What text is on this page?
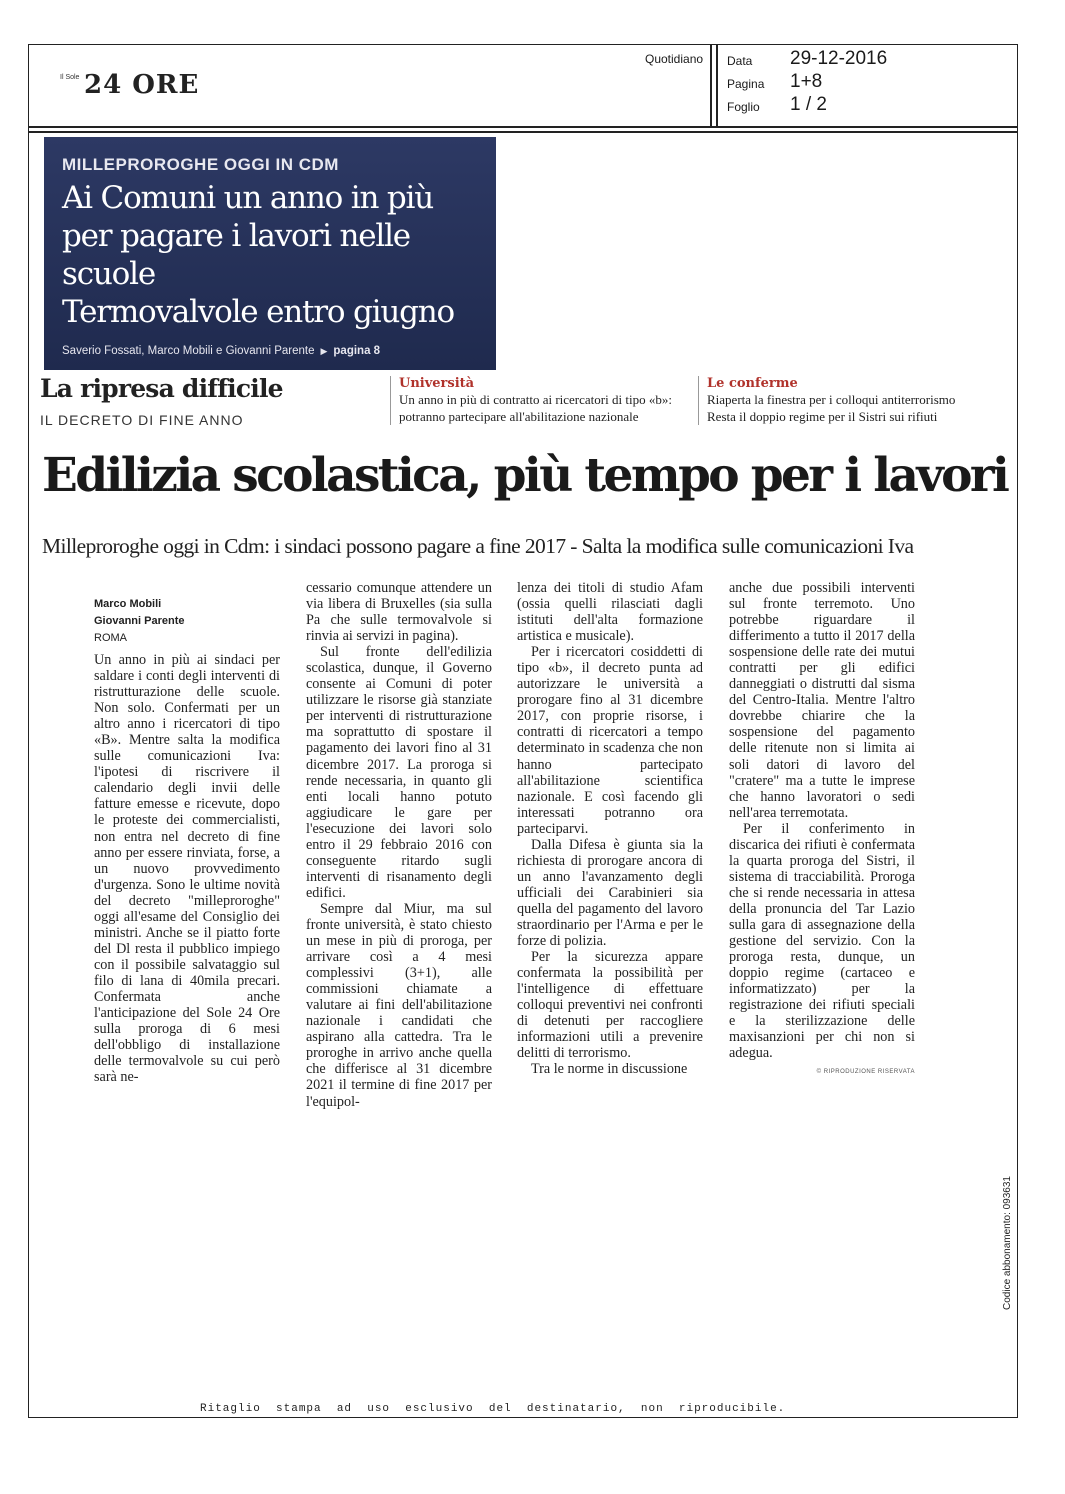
Il Sole 24 ORE
Quotidiano Data 29-12-2016
Pagina 1+8
Foglio 1 / 2
MILLEPROROGHE OGGI IN CDM
Ai Comuni un anno in più
per pagare i lavori nelle scuole
Termovalvole entro giugno
Saverio Fossati, Marco Mobili e Giovanni Parente ▶ pagina 8
La ripresa difficile
IL DECRETO DI FINE ANNO
Università
Un anno in più di contratto ai ricercatori di tipo «b»:
potranno partecipare all'abilitazione nazionale
Le conferme
Riaperta la finestra per i colloqui antiterrorismo
Resta il doppio regime per il Sistri sui rifiuti
Edilizia scolastica, più tempo per i lavori
Milleproroghe oggi in Cdm: i sindaci possono pagare a fine 2017 - Salta la modifica sulle comunicazioni Iva
Marco Mobili
Giovanni Parente
ROMA

Un anno in più ai sindaci per saldare i conti degli interventi di ristrutturazione delle scuole. Non solo. Confermati per un altro anno i ricercatori di tipo «B». Mentre salta la modifica sulle comunicazioni Iva: l'ipotesi di riscrivere il calendario degli invii delle fatture emesse e ricevute, dopo le proteste dei commercialisti, non entra nel decreto di fine anno per essere rinviata, forse, a un nuovo provvedimento d'urgenza. Sono le ultime novità del decreto "milleproroghe" oggi all'esame del Consiglio dei ministri. Anche se il piatto forte del Dl resta il pubblico impiego con il possibile salvataggio sul filo di lana di 40mila precari. Confermata anche l'anticipazione del Sole 24 Ore sulla proroga di 6 mesi dell'obbligo di installazione delle termovalvole su cui però sarà ne-

cessario comunque attendere un via libera di Bruxelles (sia sulla Pa che sulle termovalvole si rinvia ai servizi in pagina).

Sul fronte dell'edilizia scolastica, dunque, il Governo consente ai Comuni di poter utilizzare le risorse già stanziate per interventi di ristrutturazione ma soprattutto di spostare il pagamento dei lavori fino al 31 dicembre 2017. La proroga si rende necessaria, in quanto gli enti locali hanno potuto aggiudicare le gare per l'esecuzione dei lavori solo entro il 29 febbraio 2016 con conseguente ritardo sugli interventi di risanamento degli edifici.

Sempre dal Miur, ma sul fronte università, è stato chiesto un mese in più di proroga, per arrivare così a 4 mesi complessivi (3+1), alle commissioni chiamate a valutare ai fini dell'abilitazione nazionale i candidati che aspirano alla cattedra. Tra le proroghe in arrivo anche quella che differisce al 31 dicembre 2021 il termine di fine 2017 per l'equipol-

lenza dei titoli di studio Afam (ossia quelli rilasciati dagli istituti dell'alta formazione artistica e musicale).

Per i ricercatori cosiddetti di tipo «b», il decreto punta ad autorizzare le università a prorogare fino al 31 dicembre 2017, con proprie risorse, i contratti di ricercatori a tempo determinato in scadenza che non hanno partecipato all'abilitazione scientifica nazionale. E così facendo gli interessati potranno ora parteciparvi.

Dalla Difesa è giunta sia la richiesta di prorogare ancora di un anno l'avanzamento degli ufficiali dei Carabinieri sia quella del pagamento del lavoro straordinario per l'Arma e per le forze di polizia.

Per la sicurezza appare confermata la possibilità per l'intelligence di effettuare colloqui preventivi nei confronti di detenuti per raccogliere informazioni utili a prevenire delitti di terrorismo.

Tra le norme in discussione

anche due possibili interventi sul fronte terremoto. Uno potrebbe riguardare il differimento a tutto il 2017 della sospensione delle rate dei mutui contratti per gli edifici danneggiati o distrutti dal sisma del Centro-Italia. Mentre l'altro dovrebbe chiarire che la sospensione del pagamento delle ritenute non si limita ai soli datori di lavoro del "cratere" ma a tutte le imprese che hanno lavoratori o sedi nell'area terremotata.

Per il conferimento in discarica dei rifiuti è confermata la quarta proroga del Sistri, il sistema di tracciabilità. Proroga che si rende necessaria in attesa della pronuncia del Tar Lazio sulla gara di assegnazione della gestione del servizio. Con la proroga resta, dunque, un doppio regime (cartaceo e informatizzato) per la registrazione dei rifiuti speciali e la sterilizzazione delle maxisanzioni per chi non si adegua.

© RIPRODUZIONE RISERVATA
Ritaglio  stampa  ad  uso  esclusivo  del  destinatario,  non  riproducibile.
Codice abbonamento: 093631
